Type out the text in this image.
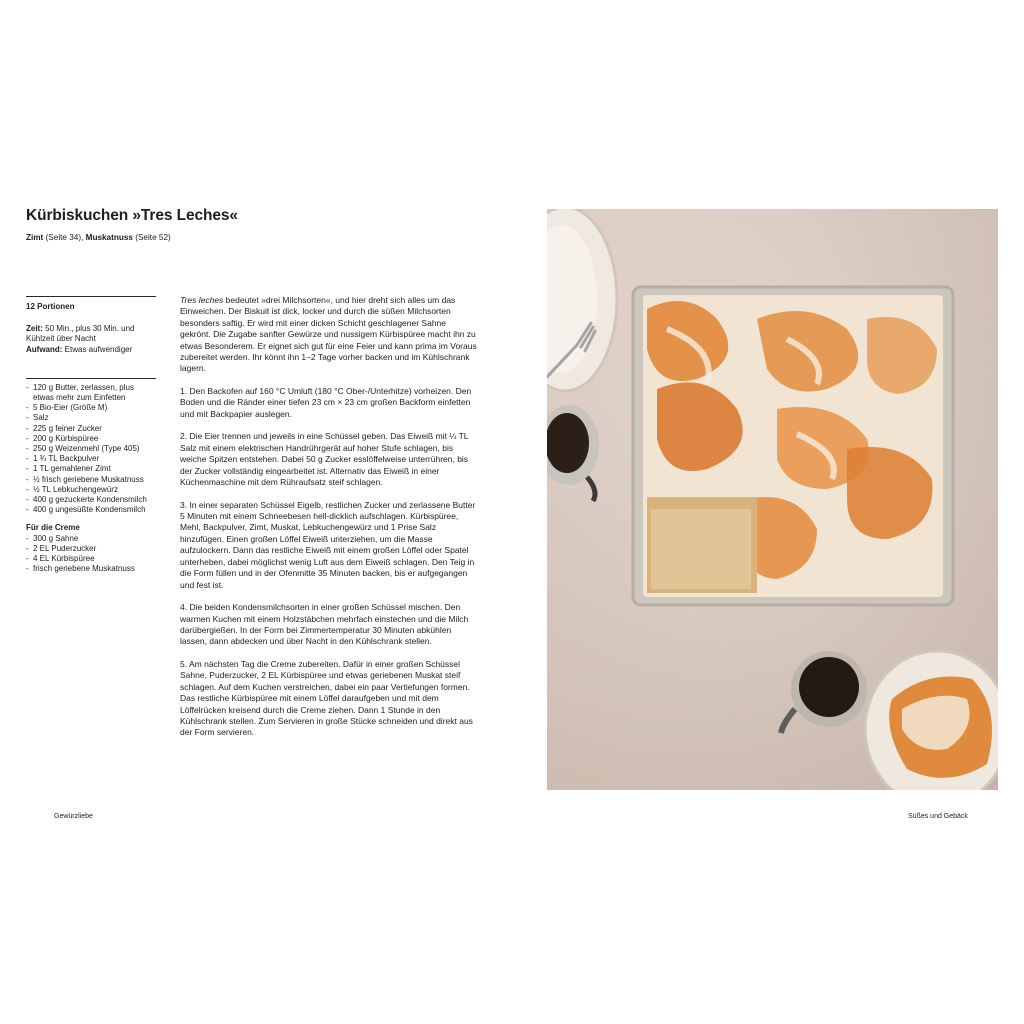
Kürbiskuchen »Tres Leches«
Zimt (Seite 34), Muskatnuss (Seite 52)
12 Portionen
Zeit: 50 Min., plus 30 Min. und Kühlzeit über Nacht
Aufwand: Etwas aufwendiger
- 120 g Butter, zerlassen, plus etwas mehr zum Einfetten
- 5 Bio-Eier (Größe M)
- Salz
- 225 g feiner Zucker
- 200 g Kürbispüree
- 250 g Weizenmehl (Type 405)
- 1 ¾ TL Backpulver
- 1 TL gemahlener Zimt
- ½ frisch geriebene Muskatnuss
- ½ TL Lebkuchengewürz
- 400 g gezuckerte Kondensmilch
- 400 g ungesüßte Kondensmilch
Für die Creme
- 300 g Sahne
- 2 EL Puderzucker
- 4 EL Kürbispüree
- frisch geriebene Muskatnuss

Tres leches bedeutet »drei Milchsorten«, und hier dreht sich alles um das Einweichen. Der Biskuit ist dick, locker und durch die süßen Milchsorten besonders saftig. Er wird mit einer dicken Schicht geschlagener Sahne gekrönt. Die Zugabe sanfter Gewürze und nussigem Kürbispüree macht ihn zu etwas Besonderem. Er eignet sich gut für eine Feier und kann prima im Voraus zubereitet werden. Ihr könnt ihn 1–2 Tage vorher backen und im Kühlschrank lagern.

1. Den Backofen auf 160 °C Umluft (180 °C Ober-/Unterhitze) vorheizen. Den Boden und die Ränder einer tiefen 23 cm × 23 cm großen Backform einfetten und mit Backpapier auslegen.

2. Die Eier trennen und jeweils in eine Schüssel geben. Das Eiweiß mit ¼ TL Salz mit einem elektrischen Handrührgerät auf hoher Stufe schlagen, bis weiche Spitzen entstehen. Dabei 50 g Zucker esslöffelweise unterrühren, bis der Zucker vollständig eingearbeitet ist. Alternativ das Eiweiß in einer Küchenmaschine mit dem Rühraufsatz steif schlagen.

3. In einer separaten Schüssel Eigelb, restlichen Zucker und zerlassene Butter 5 Minuten mit einem Schneebesen hell-dicklich aufschlagen. Kürbispüree, Mehl, Backpulver, Zimt, Muskat, Lebkuchengewürz und 1 Prise Salz hinzufügen. Einen großen Löffel Eiweiß unterziehen, um die Masse aufzulockern. Dann das restliche Eiweiß mit einem großen Löffel oder Spatel unterheben, dabei möglichst wenig Luft aus dem Eiweiß schlagen. Den Teig in die Form füllen und in der Ofenmitte 35 Minuten backen, bis er aufgegangen und fest ist.

4. Die beiden Kondensmilchsorten in einer großen Schüssel mischen. Den warmen Kuchen mit einem Holzstäbchen mehrfach einstechen und die Milch darübergießen. In der Form bei Zimmertemperatur 30 Minuten abkühlen lassen, dann abdecken und über Nacht in den Kühlschrank stellen.

5. Am nächsten Tag die Creme zubereiten. Dafür in einer großen Schüssel Sahne, Puderzucker, 2 EL Kürbispüree und etwas geriebenen Muskat steif schlagen. Auf dem Kuchen verstreichen, dabei ein paar Vertiefungen formen. Das restliche Kürbispüree mit einem Löffel daraufgeben und mit dem Löffelrücken kreisend durch die Creme ziehen. Dann 1 Stunde in den Kühlschrank stellen. Zum Servieren in große Stücke schneiden und direkt aus der Form servieren.

Gewürzliebe	Süßes und Gebäck
